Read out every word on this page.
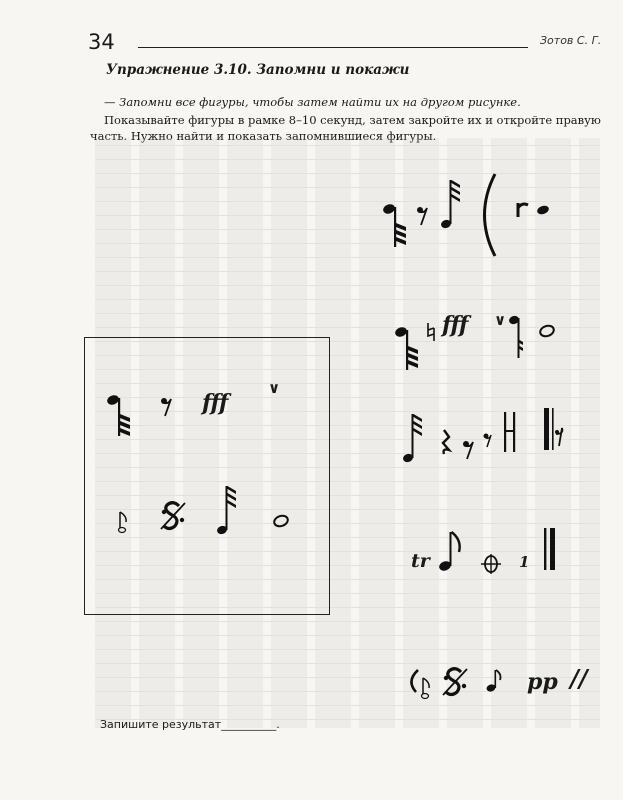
34	Зотов С. Г.
Упражнение 3.10. Запомни и покажи
— Запомни все фигуры, чтобы затем найти их на другом рисунке.
Показывайте фигуры в рамке 8–10 секунд, затем закройте их и откройте правую
часть. Нужно найти и показать запомнившиеся фигуры.
fff
∨
fff ∨
tr	1
pp //
Запишите результат__________.
